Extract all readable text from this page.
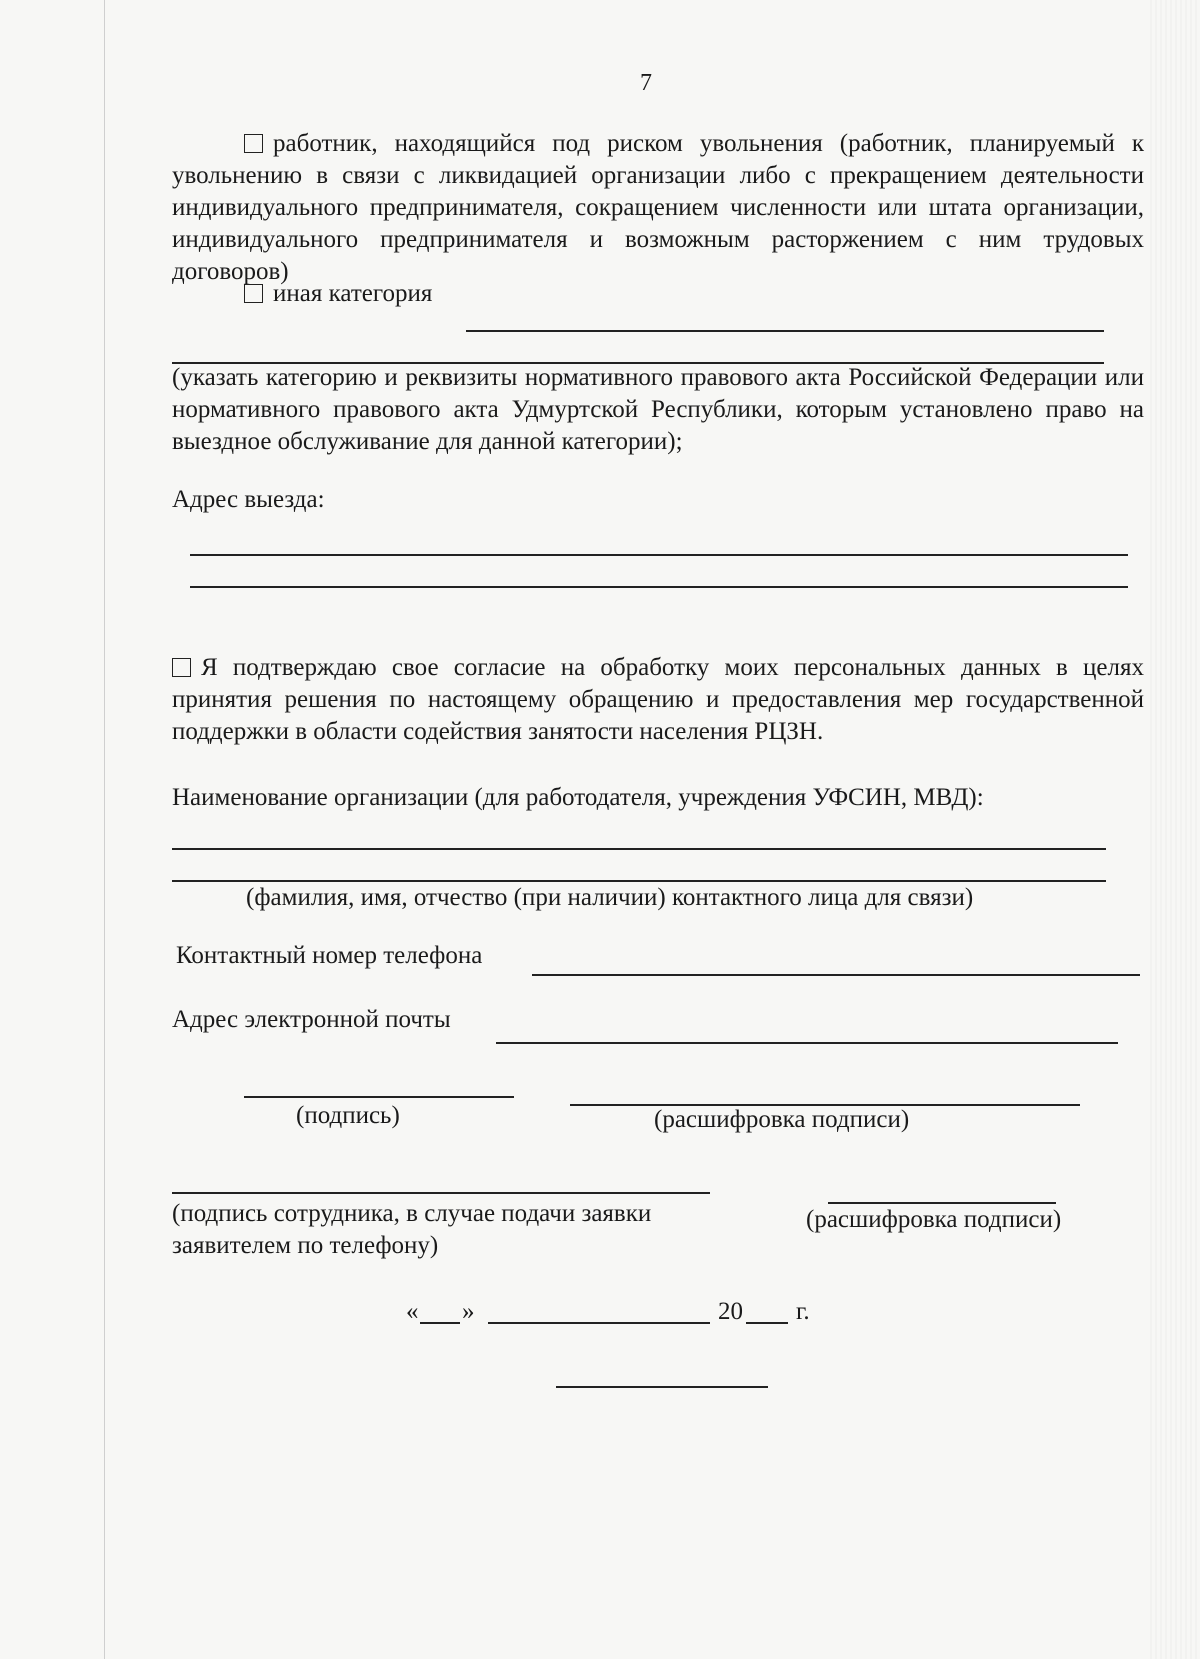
7
работник, находящийся под риском увольнения (работник, планируемый к увольнению в связи с ликвидацией организации либо с прекращением деятельности индивидуального предпринимателя, сокращением численности или штата организации, индивидуального предпринимателя и возможным расторжением с ним трудовых договоров)
иная категория
(указать категорию и реквизиты нормативного правового акта Российской Федерации или нормативного правового акта Удмуртской Республики, которым установлено право на выездное обслуживание для данной категории);
Адрес выезда:
Я подтверждаю свое согласие на обработку моих персональных данных в целях принятия решения по настоящему обращению и предоставления мер государственной поддержки в области содействия занятости населения РЦЗН.
Наименование организации (для работодателя, учреждения УФСИН, МВД):
(фамилия, имя, отчество (при наличии) контактного лица для связи)
Контактный номер телефона
Адрес электронной почты
(подпись)	(расшифровка подписи)
(подпись сотрудника, в случае подачи заявки заявителем по телефону)
(расшифровка подписи)
« »	20 г.
